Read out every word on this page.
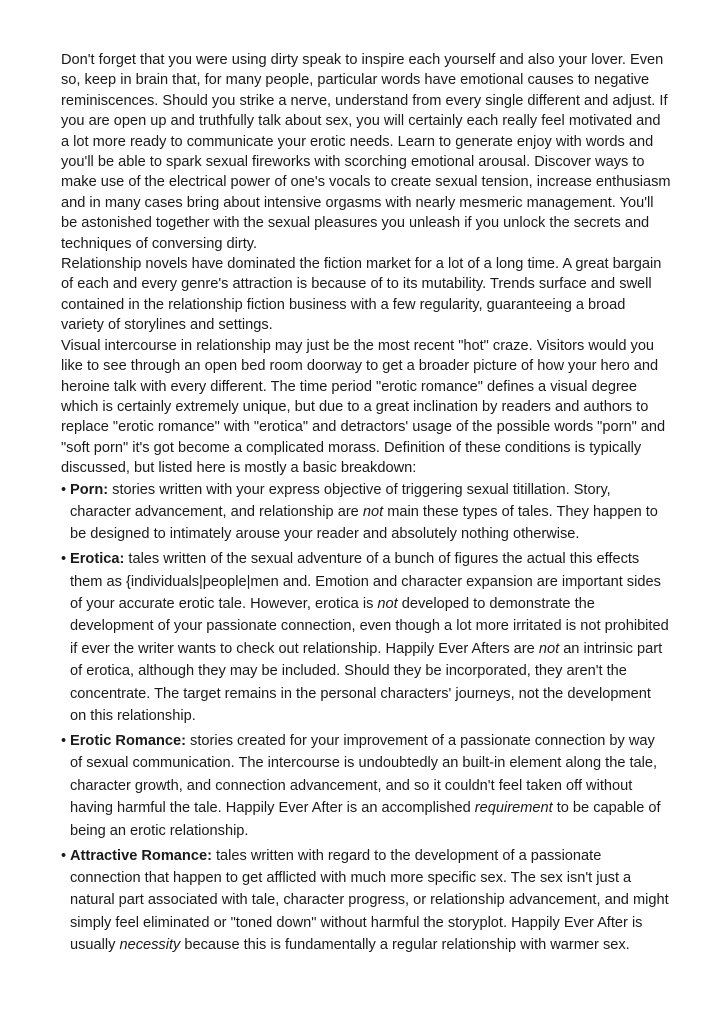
Don't forget that you were using dirty speak to inspire each yourself and also your lover. Even so, keep in brain that, for many people, particular words have emotional causes to negative reminiscences. Should you strike a nerve, understand from every single different and adjust. If you are open up and truthfully talk about sex, you will certainly each really feel motivated and a lot more ready to communicate your erotic needs. Learn to generate enjoy with words and you'll be able to spark sexual fireworks with scorching emotional arousal. Discover ways to make use of the electrical power of one's vocals to create sexual tension, increase enthusiasm and in many cases bring about intensive orgasms with nearly mesmeric management. You'll be astonished together with the sexual pleasures you unleash if you unlock the secrets and techniques of conversing dirty.

Relationship novels have dominated the fiction market for a lot of a long time. A great bargain of each and every genre's attraction is because of to its mutability. Trends surface and swell contained in the relationship fiction business with a few regularity, guaranteeing a broad variety of storylines and settings.

Visual intercourse in relationship may just be the most recent "hot" craze. Visitors would you like to see through an open bed room doorway to get a broader picture of how your hero and heroine talk with every different. The time period "erotic romance" defines a visual degree which is certainly extremely unique, but due to a great inclination by readers and authors to replace "erotic romance" with "erotica" and detractors' usage of the possible words "porn" and "soft porn" it's got become a complicated morass. Definition of these conditions is typically discussed, but listed here is mostly a basic breakdown:

• Porn: stories written with your express objective of triggering sexual titillation. Story, character advancement, and relationship are not main these types of tales. They happen to be designed to intimately arouse your reader and absolutely nothing otherwise.
• Erotica: tales written of the sexual adventure of a bunch of figures the actual this effects them as {individuals|people|men and. Emotion and character expansion are important sides of your accurate erotic tale. However, erotica is not developed to demonstrate the development of your passionate connection, even though a lot more irritated is not prohibited if ever the writer wants to check out relationship. Happily Ever Afters are not an intrinsic part of erotica, although they may be included. Should they be incorporated, they aren't the concentrate. The target remains in the personal characters' journeys, not the development on this relationship.
• Erotic Romance: stories created for your improvement of a passionate connection by way of sexual communication. The intercourse is undoubtedly an built-in element along the tale, character growth, and connection advancement, and so it couldn't feel taken off without having harmful the tale. Happily Ever After is an accomplished requirement to be capable of being an erotic relationship.
• Attractive Romance: tales written with regard to the development of a passionate connection that happen to get afflicted with much more specific sex. The sex isn't just a natural part associated with tale, character progress, or relationship advancement, and might simply feel eliminated or "toned down" without harmful the storyplot. Happily Ever After is usually necessity because this is fundamentally a regular relationship with warmer sex.
